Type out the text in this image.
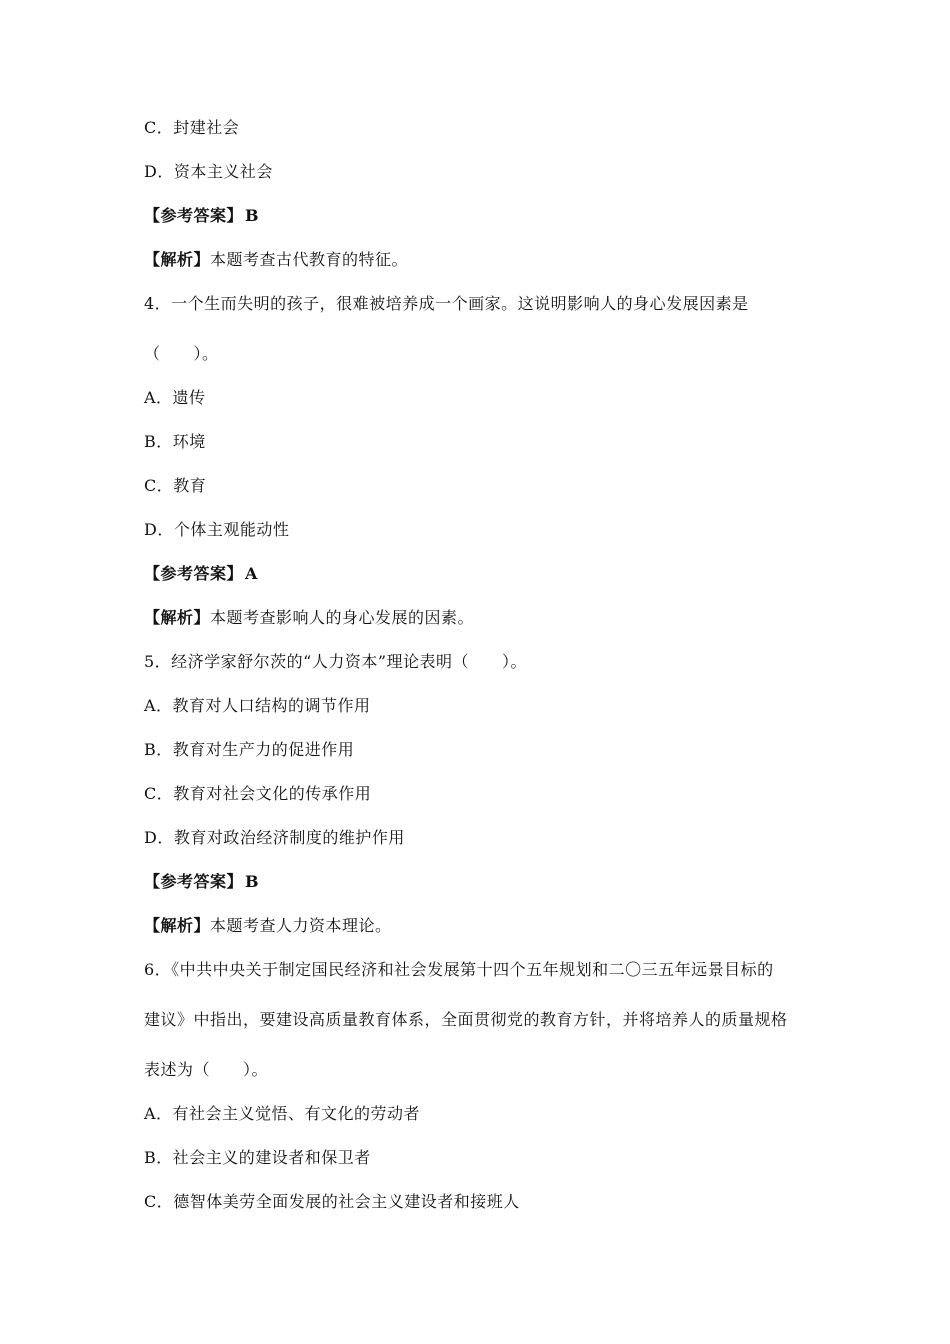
C．封建社会
D．资本主义社会
【参考答案】 B
【解析】本题考查古代教育的特征。
4．一个生而失明的孩子，很难被培养成一个画家。这说明影响人的身心发展因素是
（　　）。
A．遗传
B．环境
C．教育
D．个体主观能动性
【参考答案】 A
【解析】本题考查影响人的身心发展的因素。
5．经济学家舒尔茨的“人力资本”理论表明（　　）。
A．教育对人口结构的调节作用
B．教育对生产力的促进作用
C．教育对社会文化的传承作用
D．教育对政治经济制度的维护作用
【参考答案】 B
【解析】本题考查人力资本理论。
6．《中共中央关于制定国民经济和社会发展第十四个五年规划和二〇三五年远景目标的
建议》中指出，要建设高质量教育体系，全面贯彻党的教育方针，并将培养人的质量规格
表述为（　　）。
A．有社会主义觉悟、有文化的劳动者
B．社会主义的建设者和保卫者
C．德智体美劳全面发展的社会主义建设者和接班人
